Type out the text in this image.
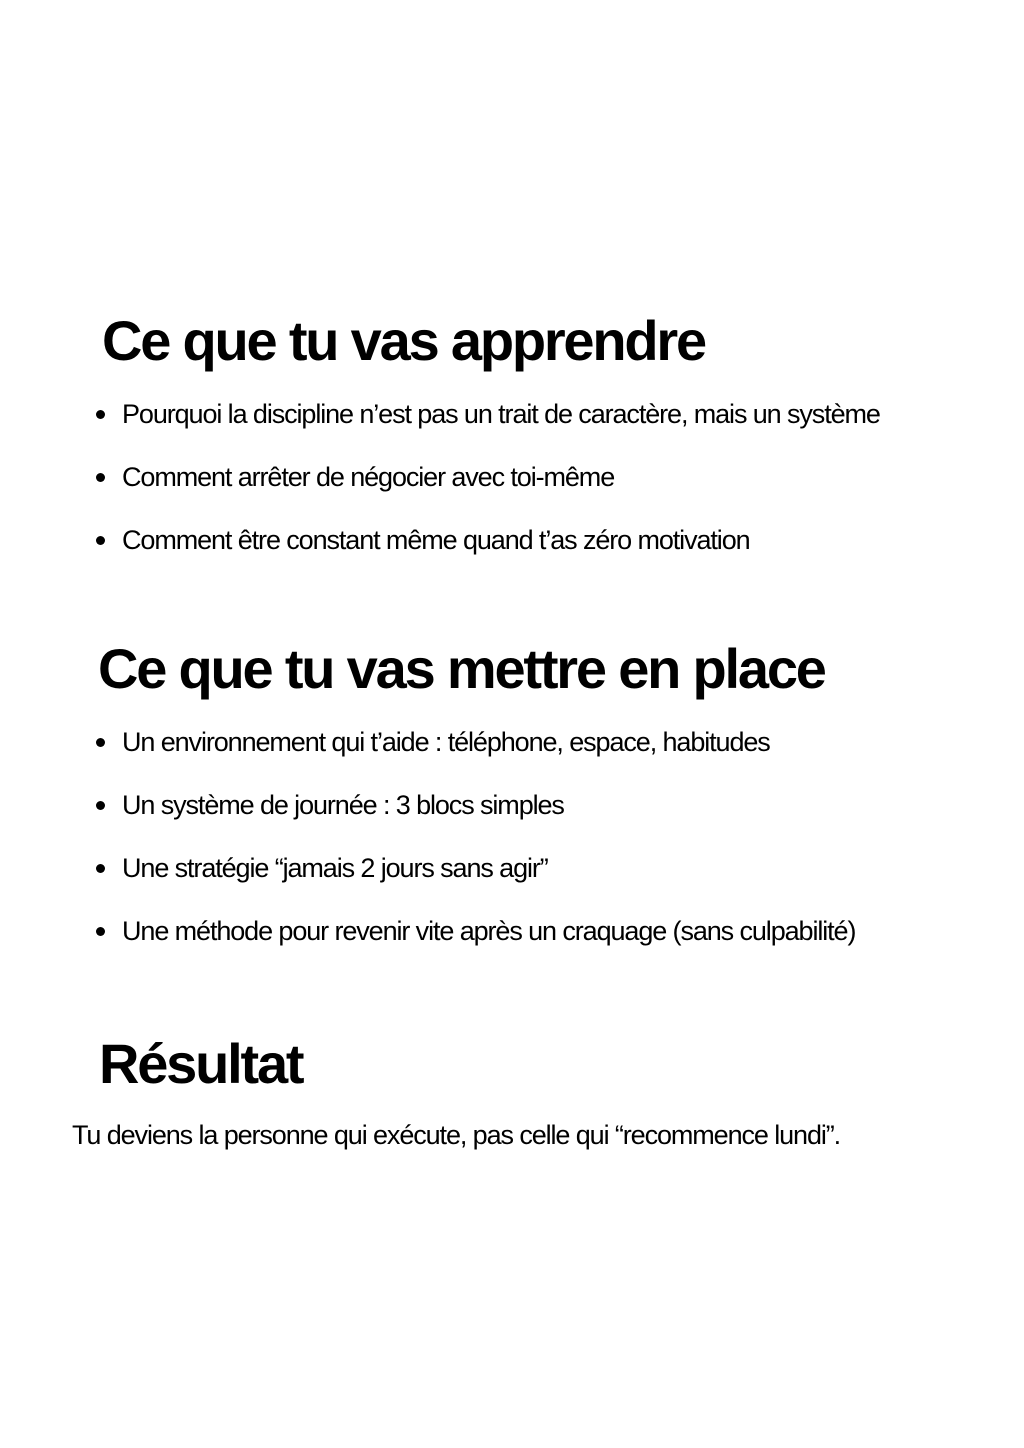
Ce que tu vas apprendre
Pourquoi la discipline n’est pas un trait de caractère, mais un système
Comment arrêter de négocier avec toi-même
Comment être constant même quand t’as zéro motivation
Ce que tu vas mettre en place
Un environnement qui t’aide : téléphone, espace, habitudes
Un système de journée : 3 blocs simples
Une stratégie “jamais 2 jours sans agir”
Une méthode pour revenir vite après un craquage (sans culpabilité)
Résultat

Tu deviens la personne qui exécute, pas celle qui “recommence lundi”.
